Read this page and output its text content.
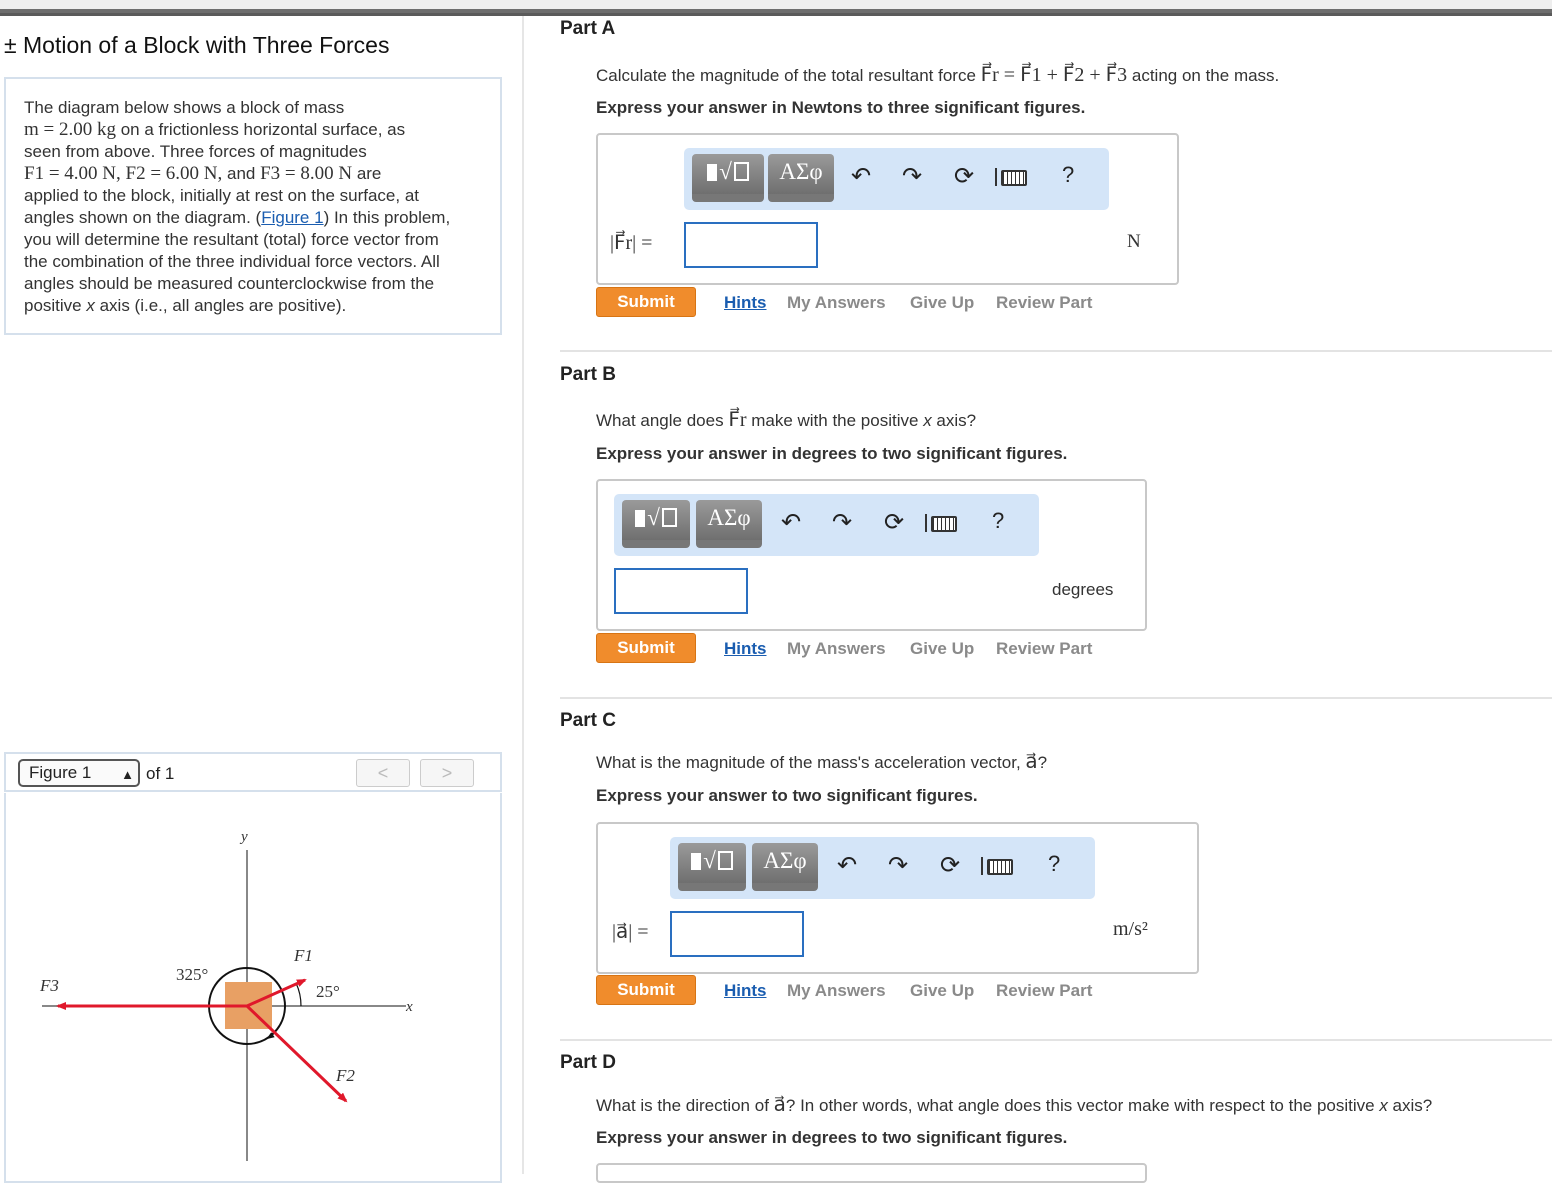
± Motion of a Block with Three Forces
The diagram below shows a block of mass
m = 2.00 kg on a frictionless horizontal surface, as
seen from above. Three forces of magnitudes
F1 = 4.00 N, F2 = 6.00 N, and F3 = 8.00 N are
applied to the block, initially at rest on the surface, at
angles shown on the diagram. (Figure 1) In this problem,
you will determine the resultant (total) force vector from
the combination of the three individual force vectors. All
angles should be measured counterclockwise from the
positive x axis (i.e., all angles are positive).
Figure 1 ▲ of 1	<	>
y
x
F1
F2
F3
325°
25°
Part A
Calculate the magnitude of the total resultant force F⃗r = F⃗1 + F⃗2 + F⃗3 acting on the mass.
Express your answer in Newtons to three significant figures.
√	ΑΣφ	↶ ↷ ⟳	?
|F⃗r| =	N
Submit	Hints My Answers Give Up Review Part
Part B
What angle does F⃗r make with the positive x axis?
Express your answer in degrees to two significant figures.
√	ΑΣφ	↶ ↷ ⟳	?
degrees
Submit	Hints My Answers Give Up Review Part
Part C
What is the magnitude of the mass's acceleration vector, a⃗?
Express your answer to two significant figures.
√	ΑΣφ	↶ ↷ ⟳	?
|a⃗| =	m/s²
Submit	Hints My Answers Give Up Review Part
Part D
What is the direction of a⃗? In other words, what angle does this vector make with respect to the positive x axis?
Express your answer in degrees to two significant figures.
